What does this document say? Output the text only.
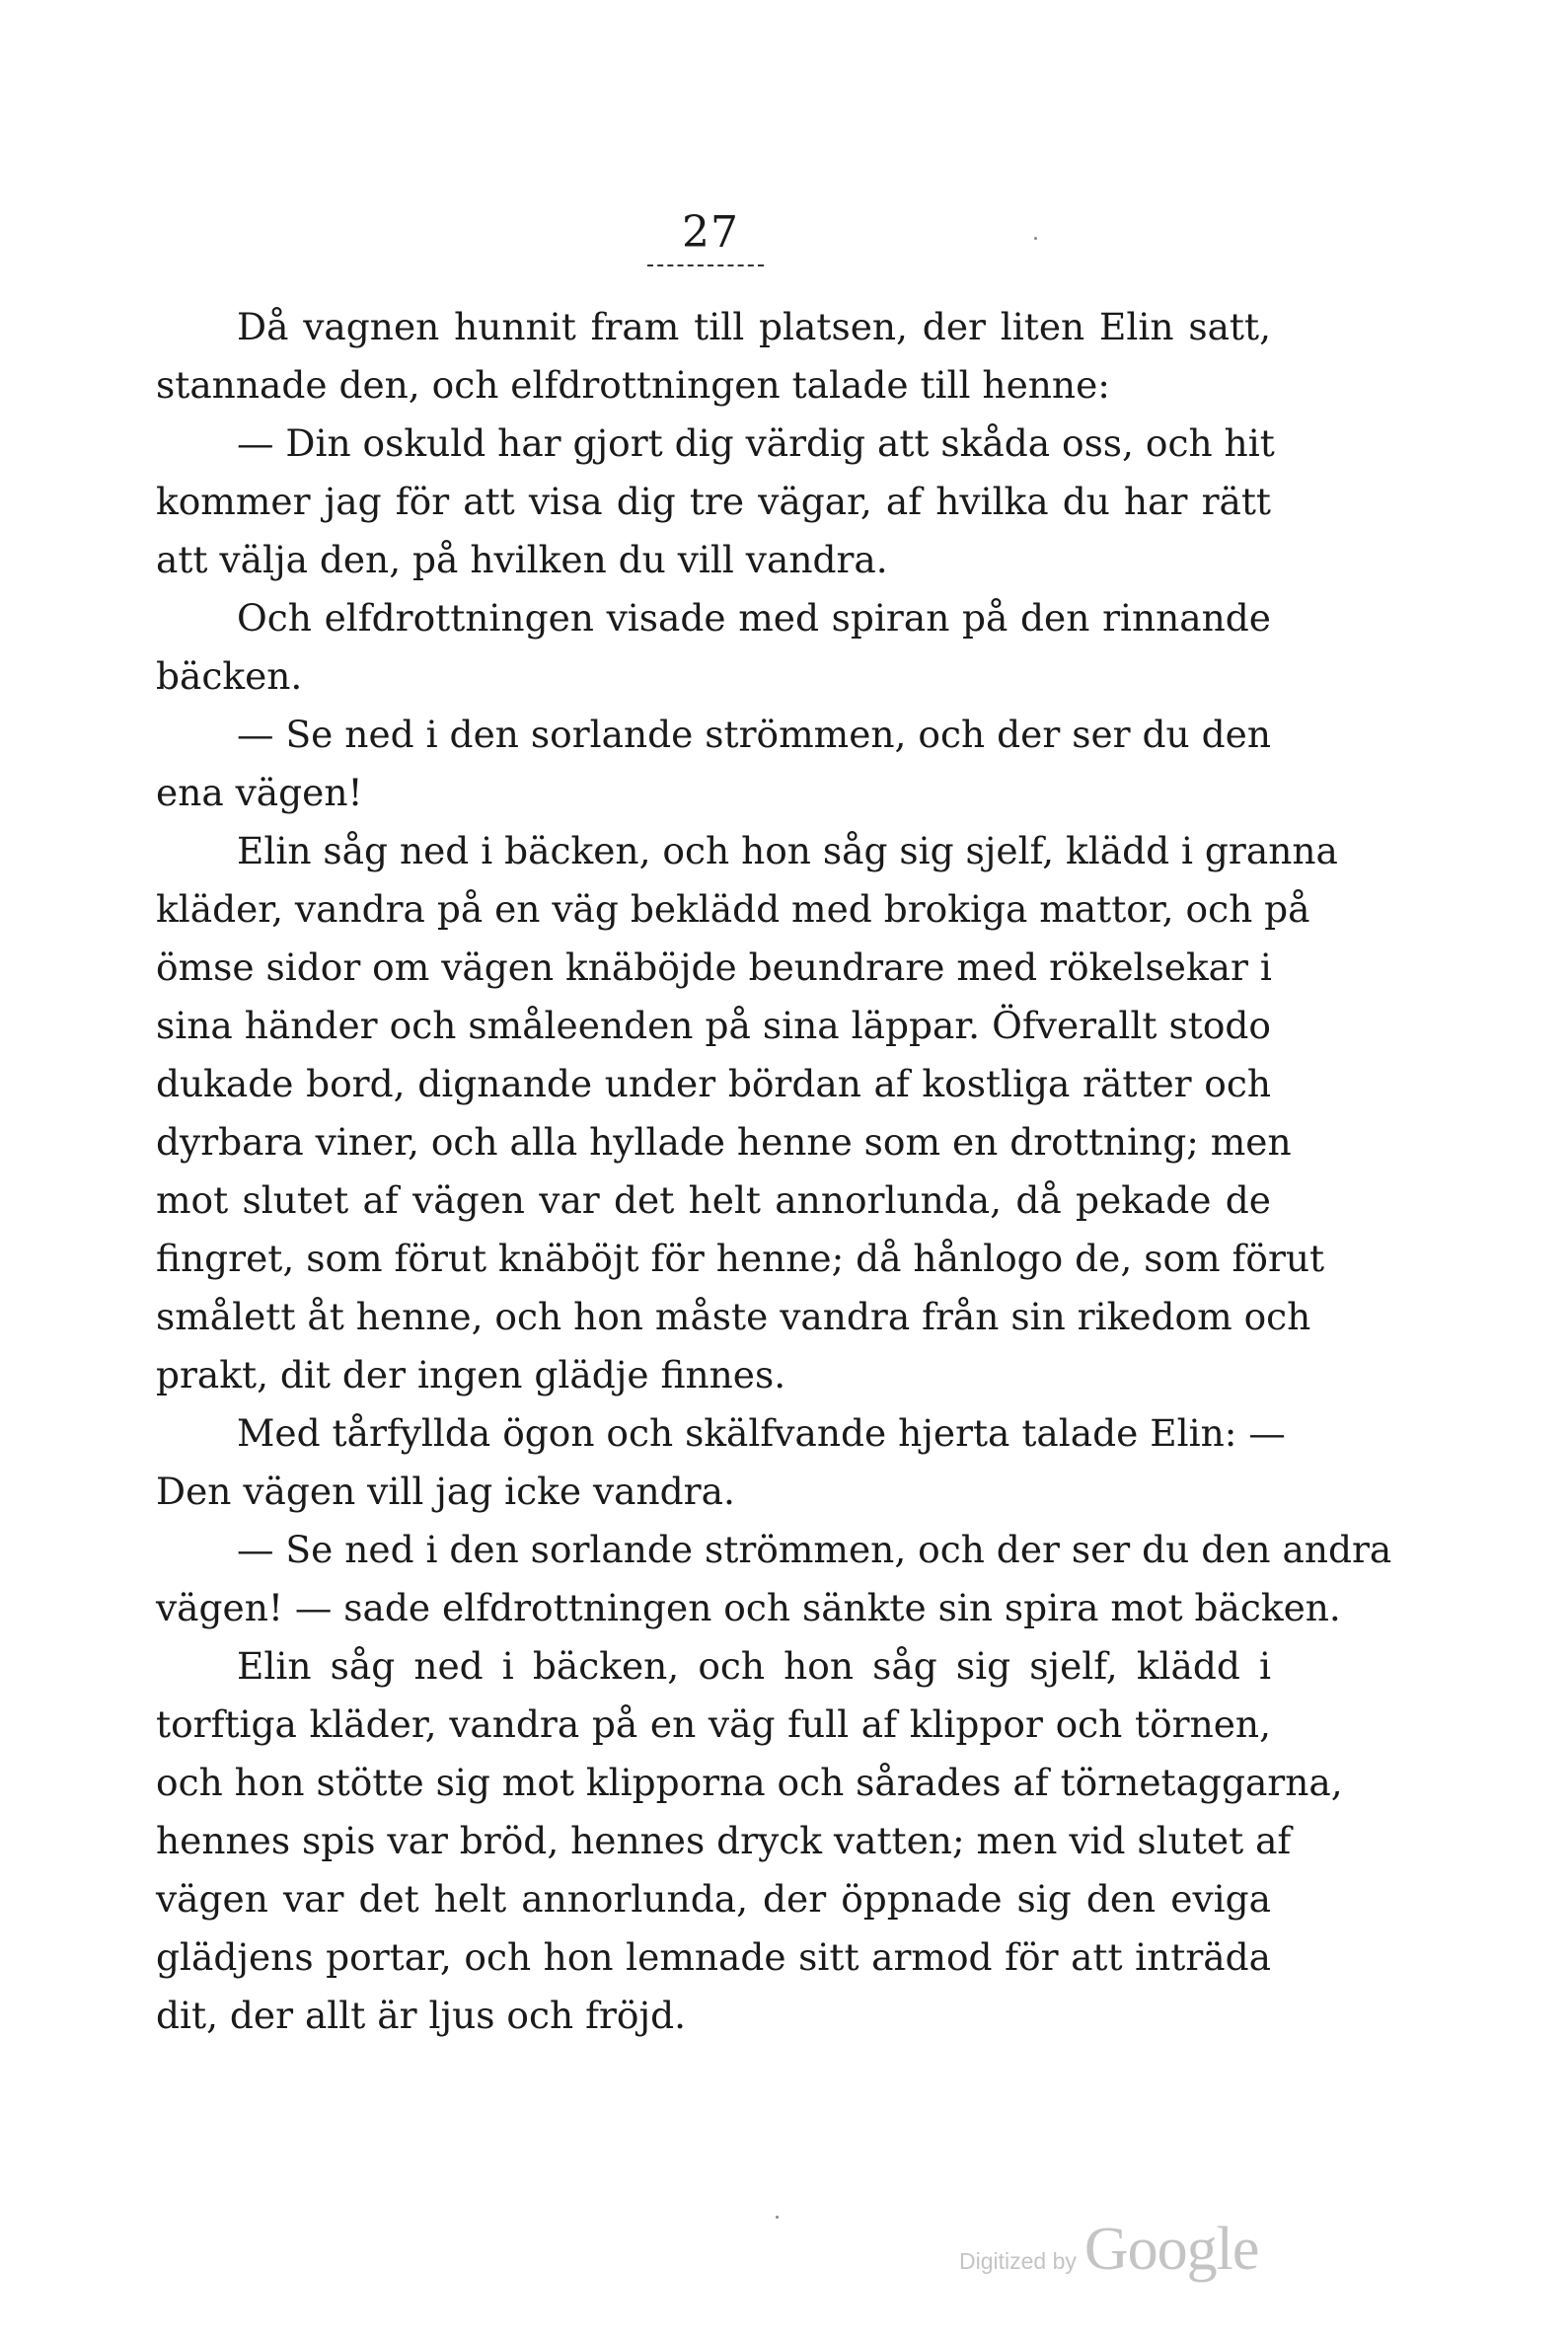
27
Då vagnen hunnit fram till platsen, der liten Elin satt,
stannade den, och elfdrottningen talade till henne:
— Din oskuld har gjort dig värdig att skåda oss, och hit
kommer jag för att visa dig tre vägar, af hvilka du har rätt
att välja den, på hvilken du vill vandra.
Och elfdrottningen visade med spiran på den rinnande
bäcken.
— Se ned i den sorlande strömmen, och der ser du den
ena vägen!
Elin såg ned i bäcken, och hon såg sig sjelf, klädd i granna
kläder, vandra på en väg beklädd med brokiga mattor, och på
ömse sidor om vägen knäböjde beundrare med rökelsekar i
sina händer och småleenden på sina läppar. Öfverallt stodo
dukade bord, dignande under bördan af kostliga rätter och
dyrbara viner, och alla hyllade henne som en drottning; men
mot slutet af vägen var det helt annorlunda, då pekade de
fingret, som förut knäböjt för henne; då hånlogo de, som förut
smålett åt henne, och hon måste vandra från sin rikedom och
prakt, dit der ingen glädje finnes.
Med tårfyllda ögon och skälfvande hjerta talade Elin: —
Den vägen vill jag icke vandra.
— Se ned i den sorlande strömmen, och der ser du den andra
vägen! — sade elfdrottningen och sänkte sin spira mot bäcken.
Elin såg ned i bäcken, och hon såg sig sjelf, klädd i
torftiga kläder, vandra på en väg full af klippor och törnen,
och hon stötte sig mot klipporna och sårades af törnetaggarna,
hennes spis var bröd, hennes dryck vatten; men vid slutet af
vägen var det helt annorlunda, der öppnade sig den eviga
glädjens portar, och hon lemnade sitt armod för att inträda
dit, der allt är ljus och fröjd.
Digitized by Google
